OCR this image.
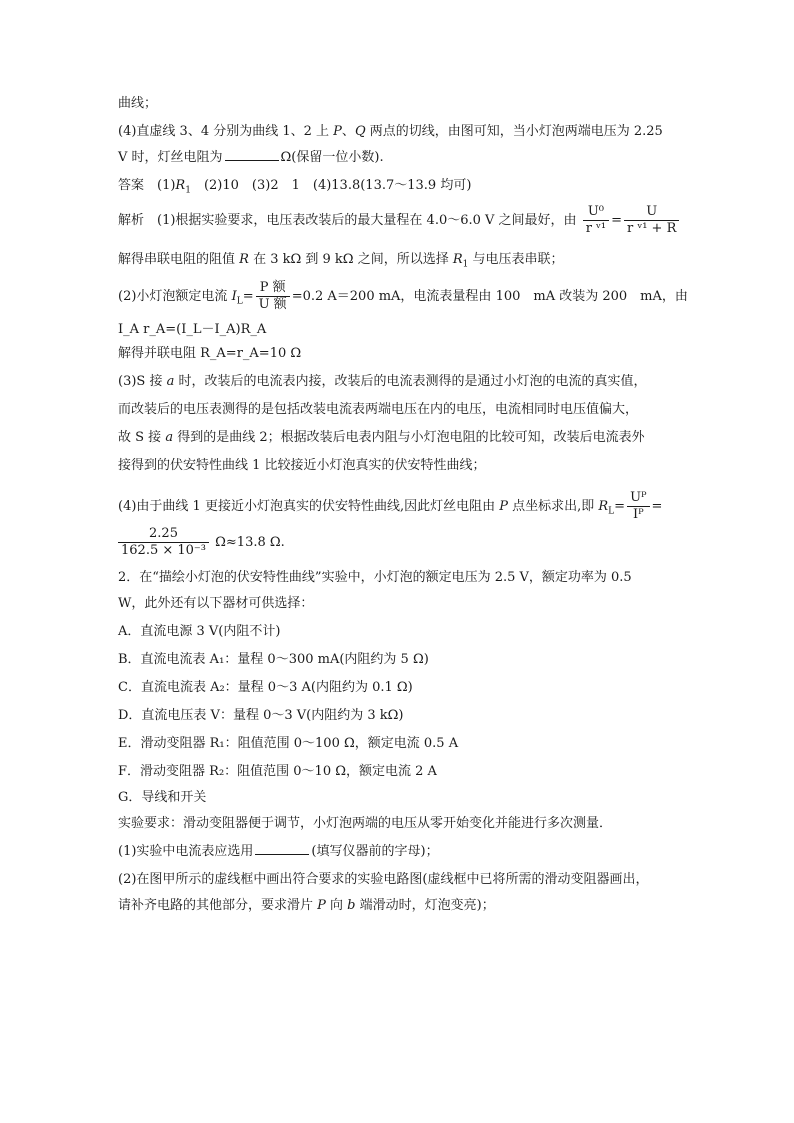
曲线；
(4)直虚线 3、4 分别为曲线 1、2 上 P、Q 两点的切线，由图可知，当小灯泡两端电压为 2.25
V 时，灯丝电阻为	Ω(保留一位小数).
答案　$(1)R_1$　(2)10　(3)2　1　(4)13.8(13.7～13.9 均可)
解析　(1)根据实验要求，电压表改装后的最大量程在 4.0～6.0 V 之间最好，由 $\frac{\text{U⁰}}{\text{r ᵛ¹}} = \frac{U}{\text{r ᵛ¹ + R}}$
解得串联电阻的阻值 R 在 3 kΩ 到 9 kΩ 之间，所以选择 $R_1$ 与电压表串联；
(2)小灯泡额定电流 $I_L= \frac{\text{P 额}}{\text{U 额}} =0.2$ A＝200 mA，电流表量程由 100　mA 改装为 200　mA，由
I_A r_A=(I_L－I_A)R_A
解得并联电阻 R_A=r_A=10 Ω
(3)S 接 a 时，改装后的电流表内接，改装后的电流表测得的是通过小灯泡的电流的真实值，
而改装后的电压表测得的是包括改装电流表两端电压在内的电压，电流相同时电压值偏大，
故 S 接 a 得到的是曲线 2；根据改装后电表内阻与小灯泡电阻的比较可知，改装后电流表外
接得到的伏安特性曲线 1 比较接近小灯泡真实的伏安特性曲线；
(4)由于曲线 1 更接近小灯泡真实的伏安特性曲线,因此灯丝电阻由 P 点坐标求出,即 $R_L= \frac{\text{Uᴾ}}{\text{Iᴾ}}$ =
$\frac{2.25}{\text{162.5 × 10⁻³}} \Omega\approx 13.8$ Ω.
2．在“描绘小灯泡的伏安特性曲线”实验中，小灯泡的额定电压为 2.5 V，额定功率为 0.5
W，此外还有以下器材可供选择：
A．直流电源 3 V(内阻不计)
B．直流电流表 A₁：量程 0～300 mA(内阻约为 5 Ω)
C．直流电流表 A₂：量程 0～3 A(内阻约为 0.1 Ω)
D．直流电压表 V：量程 0～3 V(内阻约为 3 kΩ)
E．滑动变阻器 R₁：阻值范围 0～100 Ω，额定电流 0.5 A
F．滑动变阻器 R₂：阻值范围 0～10 Ω，额定电流 2 A
G．导线和开关
实验要求：滑动变阻器便于调节，小灯泡两端的电压从零开始变化并能进行多次测量．
(1)实验中电流表应选用	(填写仪器前的字母)；
(2)在图甲所示的虚线框中画出符合要求的实验电路图(虚线框中已将所需的滑动变阻器画出，
请补齐电路的其他部分，要求滑片 P 向 b 端滑动时，灯泡变亮)；
